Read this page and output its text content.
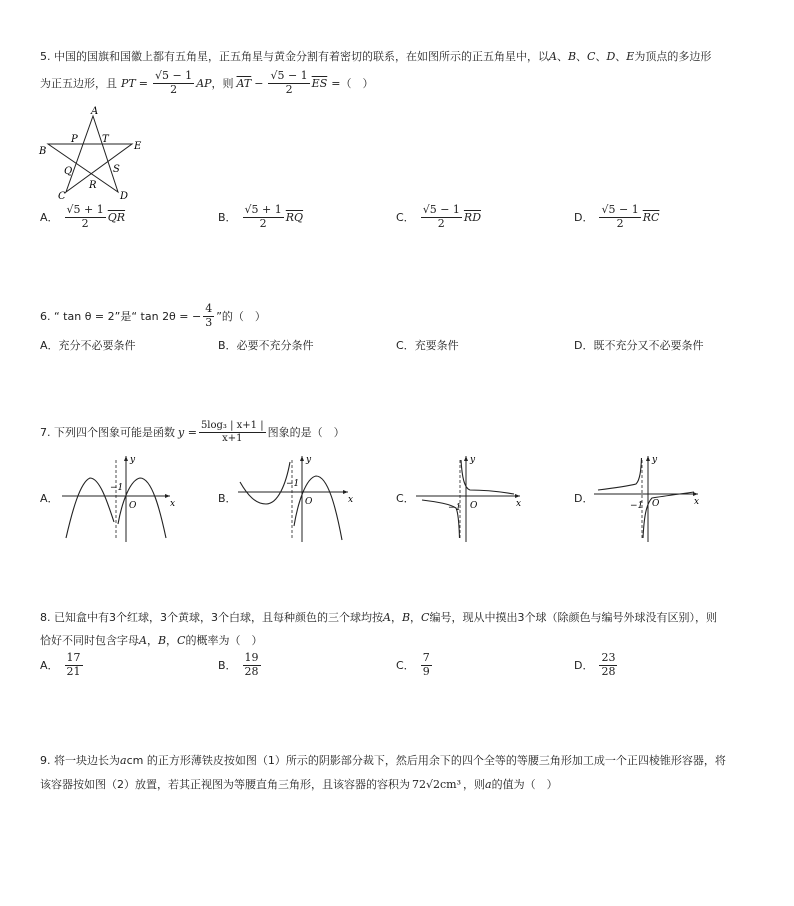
5. 中国的国旗和国徽上都有五角星，正五角星与黄金分割有着密切的联系，在如图所示的正五角星中，以A、B、C、D、E为顶点的多边形
为正五边形，且 PT = $\frac{√5 - 1}{2}$ AP ，则 $\overline{AT} - \frac{√5 - 1}{2} \overline{ES}$ =（　）
A
B	E
C	D
P T
Q	S
R
A． $\frac{√5 + 1}{2} \overline{QR}$	B． $\frac{√5 + 1}{2} \overline{RQ}$	C． $\frac{√5 - 1}{2} \overline{RD}$	D． $\frac{√5 - 1}{2} \overline{RC}$
6. “ tan θ = 2”是“ tan 2θ = − $\frac{4}{3}$ ”的（　）
A．充分不必要条件	B．必要不充分条件	C．充要条件	D．既不充分又不必要条件
7. 下列四个图象可能是函数 $y = \frac{\text{5log₃ | x+1 |}}{x+1}$ 图象的是（　）
A．
y
x
O
−1
B．
y
x
O
−1
C．
y
x
O
−1
D．
y
x
O
−1
8. 已知盒中有3个红球，3个黄球，3个白球，且每种颜色的三个球均按A，B，C编号，现从中摸出3个球（除颜色与编号外球没有区别），则
恰好不同时包含字母A，B，C的概率为（　）
A． $\frac{17}{21}$	B． $\frac{19}{28}$	C． $\frac{7}{9}$	D． $\frac{23}{28}$
9. 将一块边长为acm 的正方形薄铁皮按如图（1）所示的阴影部分裁下，然后用余下的四个全等的等腰三角形加工成一个正四棱锥形容器，将
该容器按如图（2）放置，若其正视图为等腰直角三角形，且该容器的容积为 72√2cm³ ，则a的值为（　）
